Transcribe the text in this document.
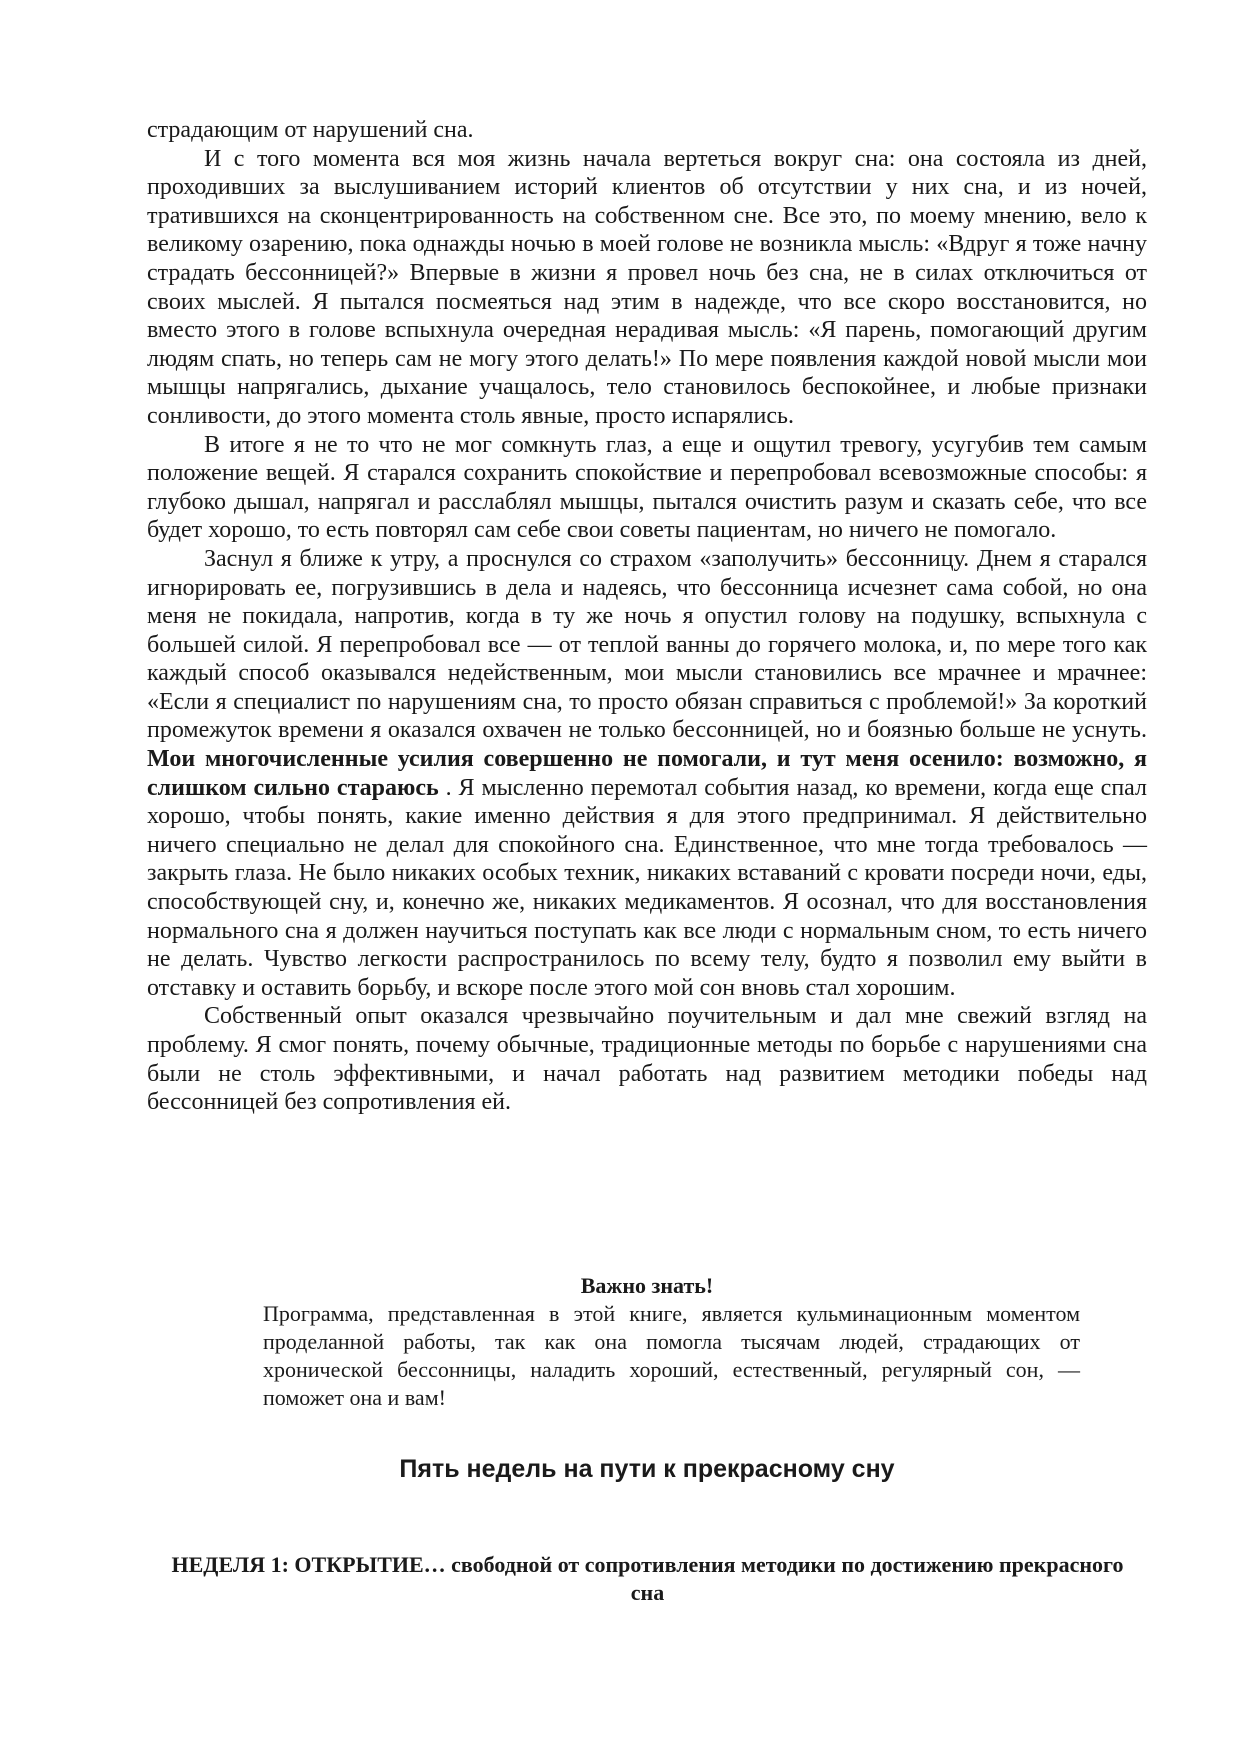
страдающим от нарушений сна.

И с того момента вся моя жизнь начала вертеться вокруг сна: она состояла из дней, проходивших за выслушиванием историй клиентов об отсутствии у них сна, и из ночей, тратившихся на сконцентрированность на собственном сне. Все это, по моему мнению, вело к великому озарению, пока однажды ночью в моей голове не возникла мысль: «Вдруг я тоже начну страдать бессонницей?» Впервые в жизни я провел ночь без сна, не в силах отключиться от своих мыслей. Я пытался посмеяться над этим в надежде, что все скоро восстановится, но вместо этого в голове вспыхнула очередная нерадивая мысль: «Я парень, помогающий другим людям спать, но теперь сам не могу этого делать!» По мере появления каждой новой мысли мои мышцы напрягались, дыхание учащалось, тело становилось беспокойнее, и любые признаки сонливости, до этого момента столь явные, просто испарялись.

В итоге я не то что не мог сомкнуть глаз, а еще и ощутил тревогу, усугубив тем самым положение вещей. Я старался сохранить спокойствие и перепробовал всевозможные способы: я глубоко дышал, напрягал и расслаблял мышцы, пытался очистить разум и сказать себе, что все будет хорошо, то есть повторял сам себе свои советы пациентам, но ничего не помогало.

Заснул я ближе к утру, а проснулся со страхом «заполучить» бессонницу. Днем я старался игнорировать ее, погрузившись в дела и надеясь, что бессонница исчезнет сама собой, но она меня не покидала, напротив, когда в ту же ночь я опустил голову на подушку, вспыхнула с большей силой. Я перепробовал все — от теплой ванны до горячего молока, и, по мере того как каждый способ оказывался недейственным, мои мысли становились все мрачнее и мрачнее: «Если я специалист по нарушениям сна, то просто обязан справиться с проблемой!» За короткий промежуток времени я оказался охвачен не только бессонницей, но и боязнью больше не уснуть. Мои многочисленные усилия совершенно не помогали, и тут меня осенило: возможно, я слишком сильно стараюсь . Я мысленно перемотал события назад, ко времени, когда еще спал хорошо, чтобы понять, какие именно действия я для этого предпринимал. Я действительно ничего специально не делал для спокойного сна. Единственное, что мне тогда требовалось — закрыть глаза. Не было никаких особых техник, никаких вставаний с кровати посреди ночи, еды, способствующей сну, и, конечно же, никаких медикаментов. Я осознал, что для восстановления нормального сна я должен научиться поступать как все люди с нормальным сном, то есть ничего не делать. Чувство легкости распространилось по всему телу, будто я позволил ему выйти в отставку и оставить борьбу, и вскоре после этого мой сон вновь стал хорошим.

Собственный опыт оказался чрезвычайно поучительным и дал мне свежий взгляд на проблему. Я смог понять, почему обычные, традиционные методы по борьбе с нарушениями сна были не столь эффективными, и начал работать над развитием методики победы над бессонницей без сопротивления ей.

Важно знать!

Программа, представленная в этой книге, является кульминационным моментом проделанной работы, так как она помогла тысячам людей, страдающих от хронической бессонницы, наладить хороший, естественный, регулярный сон, — поможет она и вам!

Пять недель на пути к прекрасному сну
НЕДЕЛЯ 1: ОТКРЫТИЕ… свободной от сопротивления методики по достижению прекрасного сна
